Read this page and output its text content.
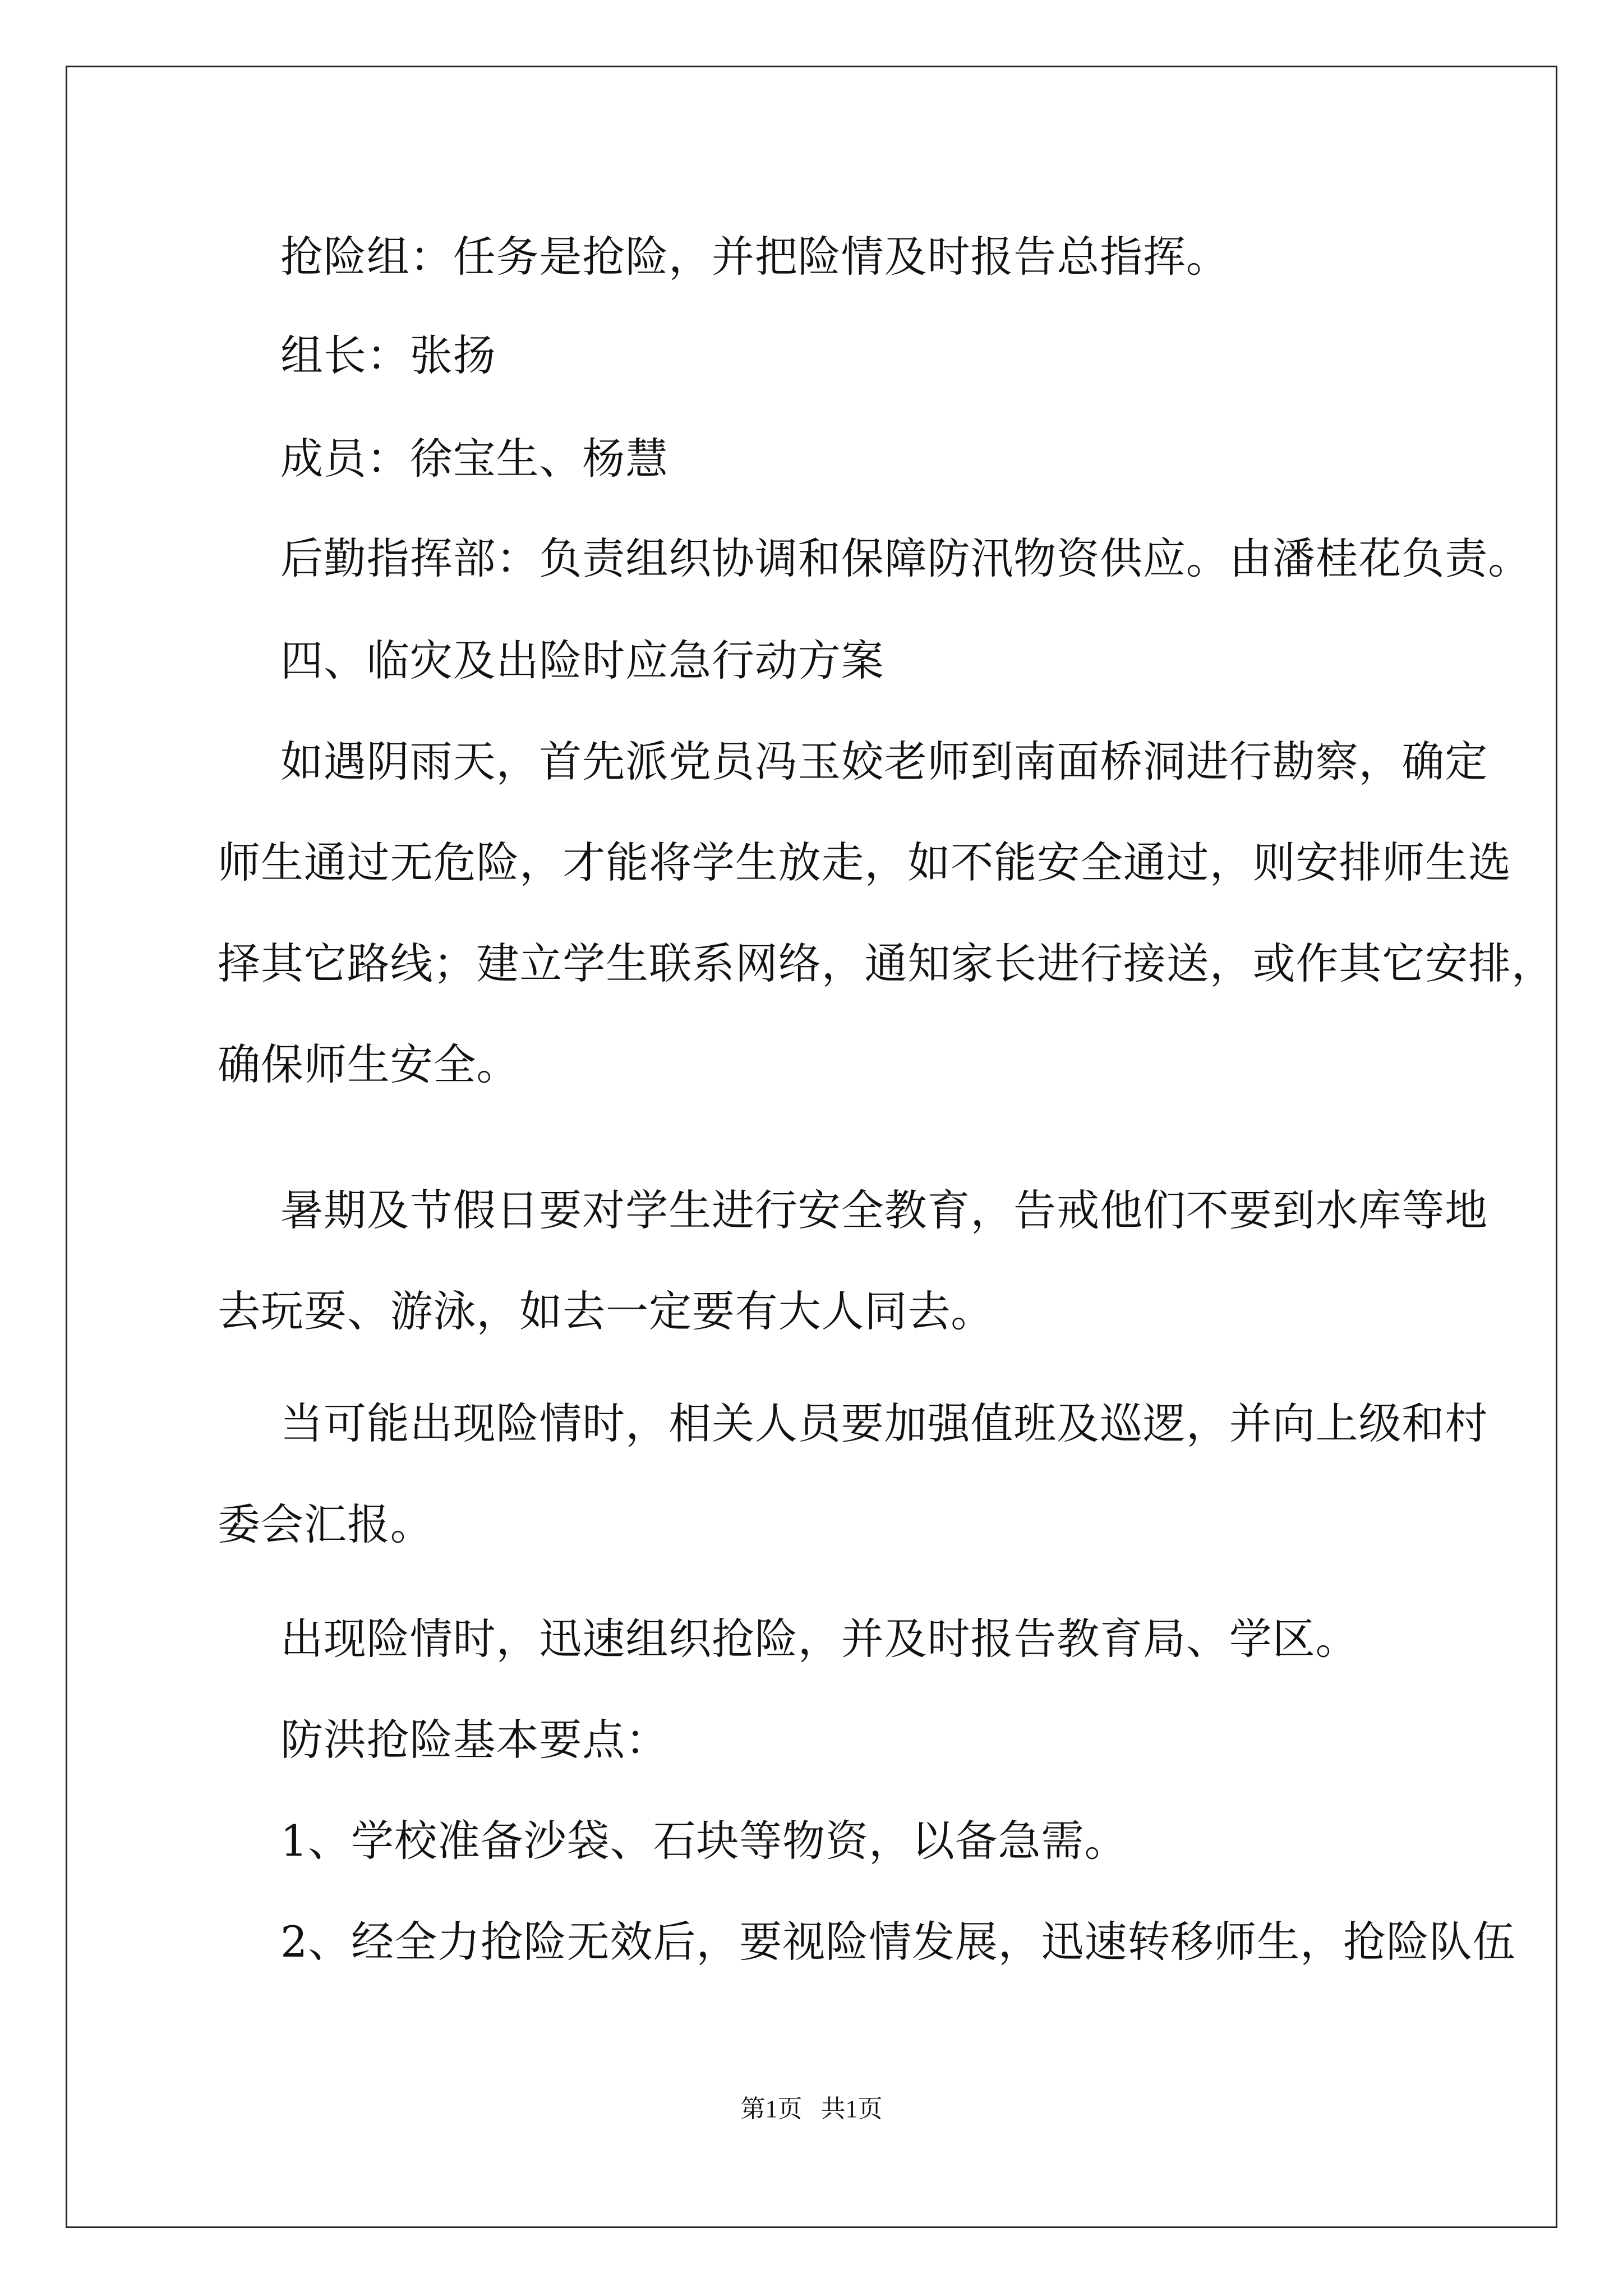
抢险组：任务是抢险，并把险情及时报告总指挥。

组长：张扬

成员：徐宝生、杨慧

后勤指挥部：负责组织协调和保障防汛物资供应。由潘桂花负责。

四、临灾及出险时应急行动方案

如遇阴雨天，首先派党员冯玉姣老师到南面桥洞进行勘察，确定

师生通过无危险，才能将学生放走，如不能安全通过，则安排师生选

择其它路线；建立学生联系网络，通知家长进行接送，或作其它安排，

确保师生安全。

暑期及节假日要对学生进行安全教育，告戒他们不要到水库等地

去玩耍、游泳，如去一定要有大人同去。

当可能出现险情时，相关人员要加强值班及巡逻，并向上级和村

委会汇报。

出现险情时，迅速组织抢险，并及时报告教育局、学区。

防洪抢险基本要点：

1、学校准备沙袋、石块等物资，以备急需。

2、经全力抢险无效后，要视险情发展，迅速转移师生，抢险队伍

第1页   共1页
